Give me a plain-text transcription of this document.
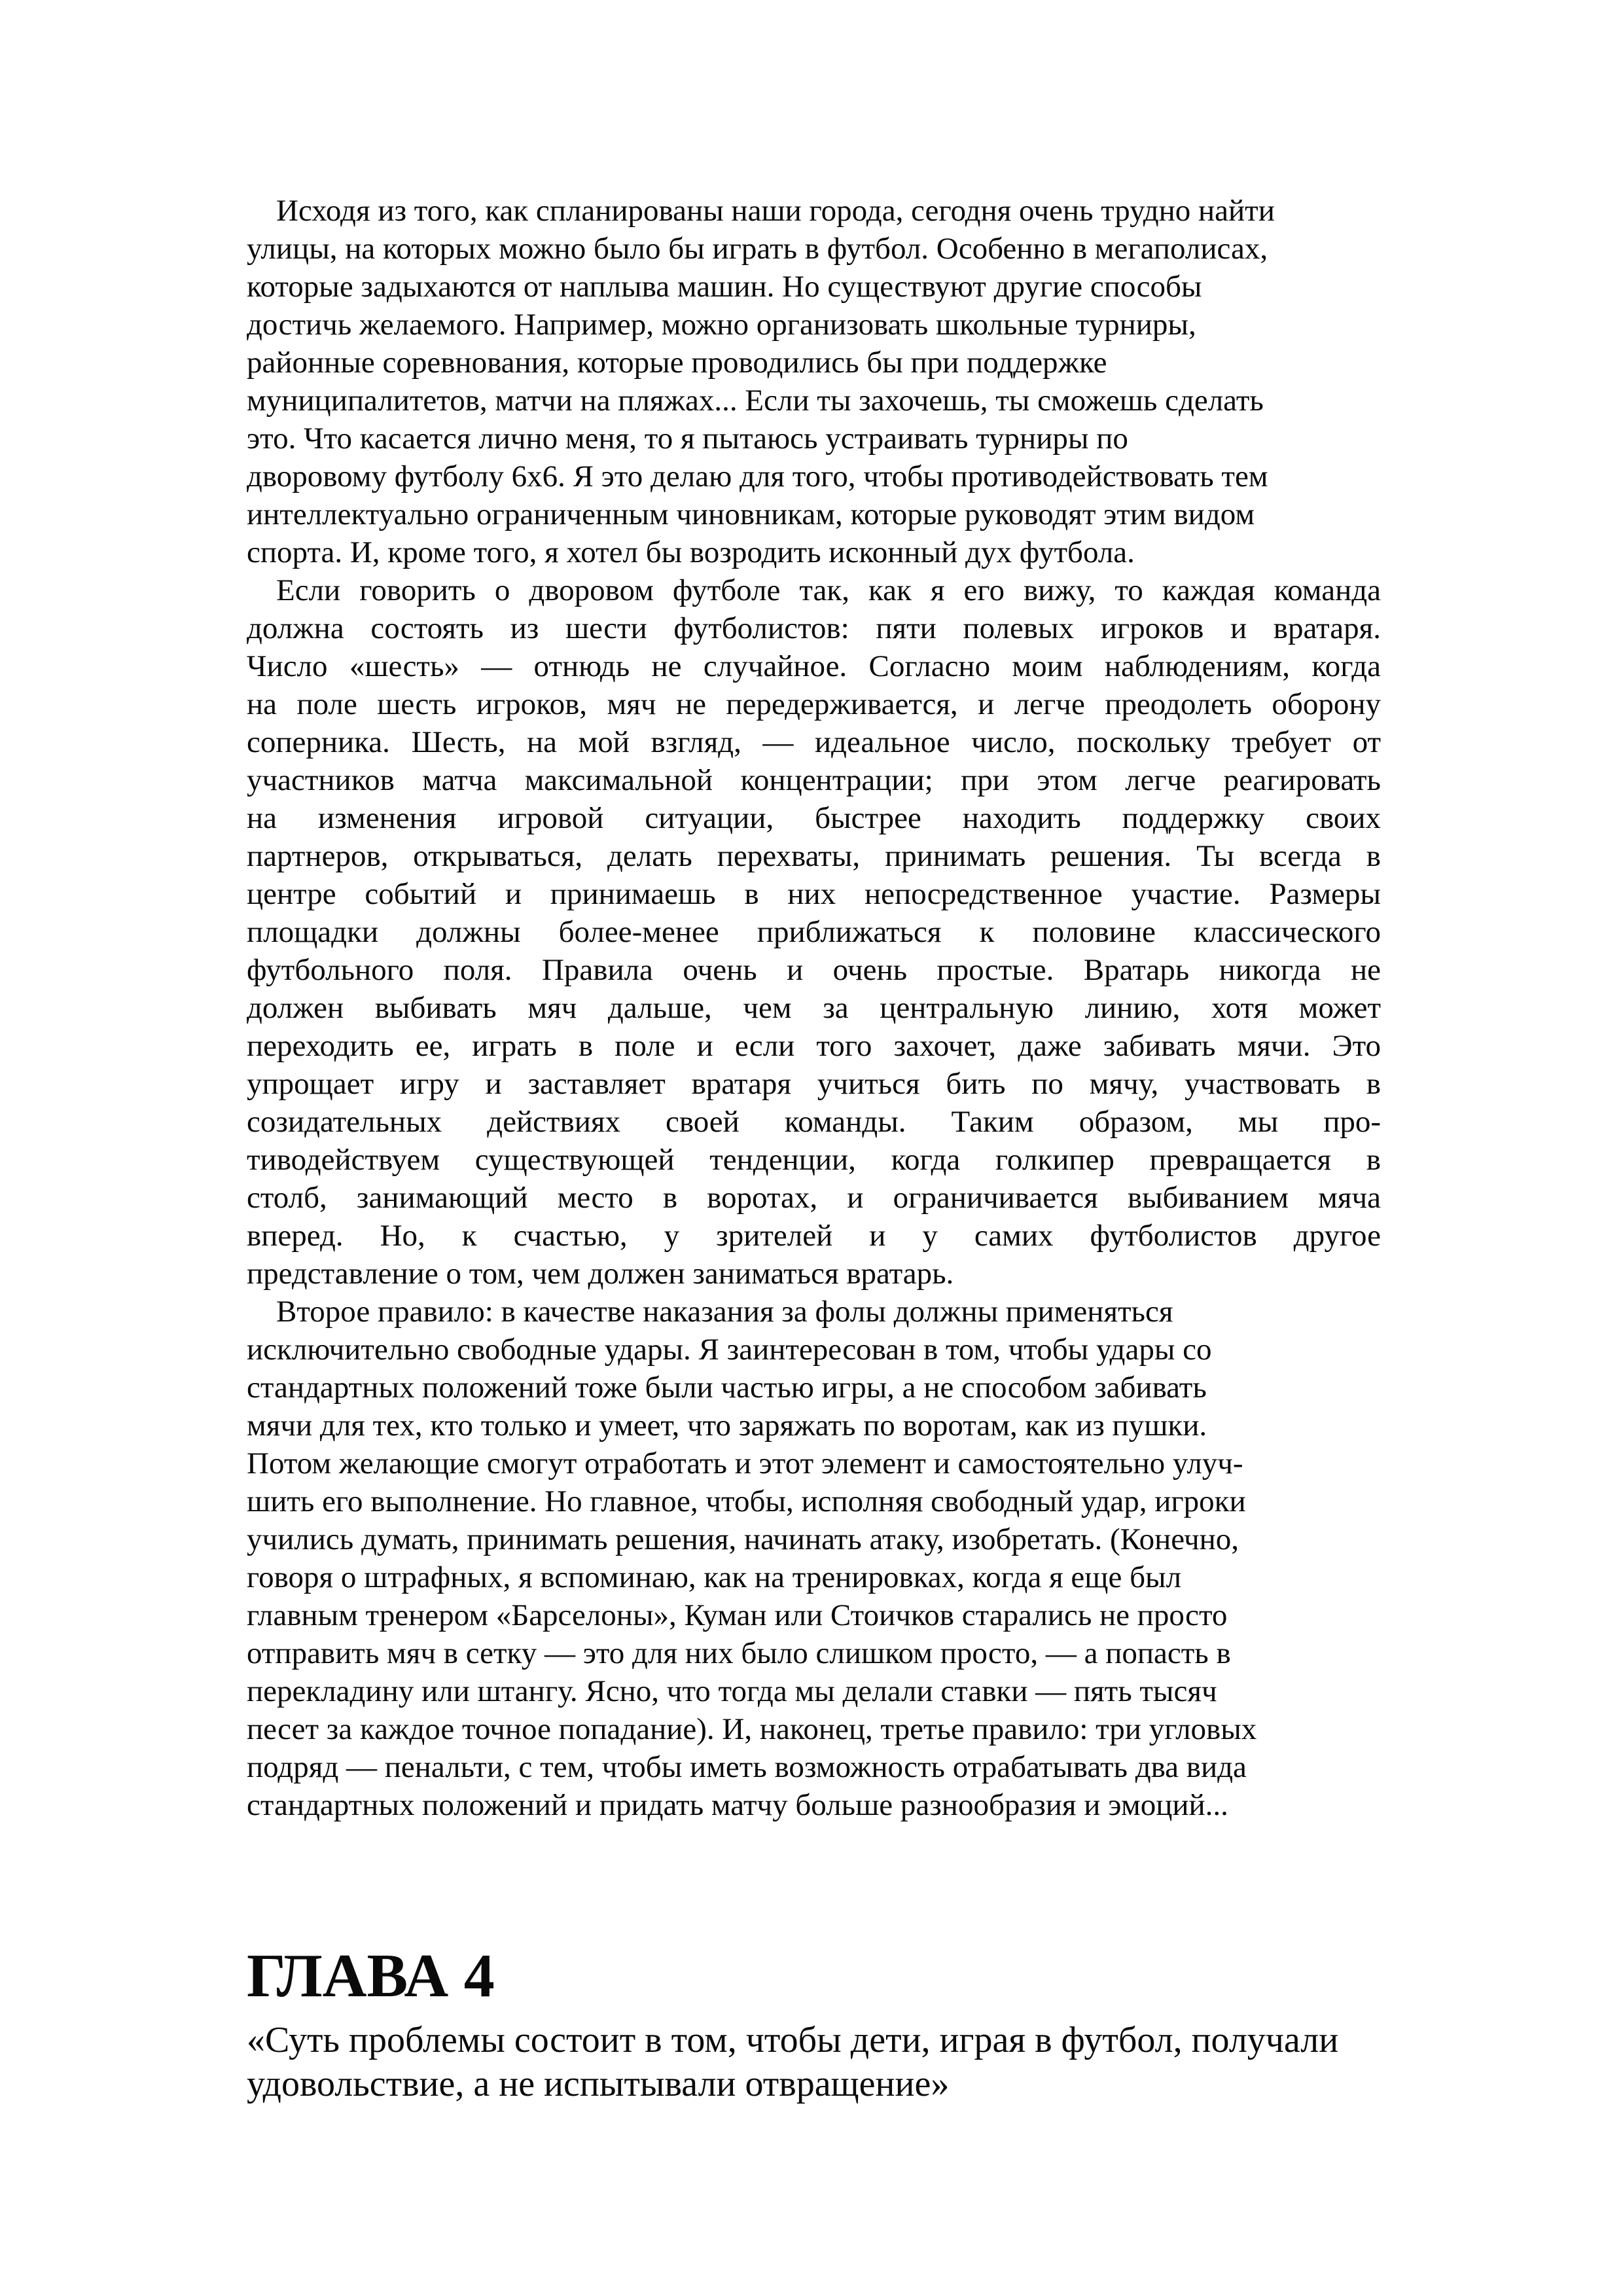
Исходя из того, как спланированы наши города, сегодня очень трудно найти
улицы, на которых можно было бы играть в футбол. Особенно в мегаполисах,
которые задыхаются от наплыва машин. Но существуют другие способы
достичь желаемого. Например, можно организовать школьные турниры,
районные соревнования, которые проводились бы при поддержке
муниципалитетов, матчи на пляжах... Если ты захочешь, ты сможешь сделать
это. Что касается лично меня, то я пытаюсь устраивать турниры по
дворовому футболу 6х6. Я это делаю для того, чтобы противодействовать тем
интеллектуально ограниченным чиновникам, которые руководят этим видом
спорта. И, кроме того, я хотел бы возродить исконный дух футбола.

Если говорить о дворовом футболе так, как я его вижу, то каждая команда
должна состоять из шести футболистов: пяти полевых игроков и вратаря.
Число «шесть» — отнюдь не случайное. Согласно моим наблюдениям, когда
на поле шесть игроков, мяч не передерживается, и легче преодолеть оборону
соперника. Шесть, на мой взгляд, — идеальное число, поскольку требует от
участников матча максимальной концентрации; при этом легче реагировать
на изменения игровой ситуации, быстрее находить поддержку своих
партнеров, открываться, делать перехваты, принимать решения. Ты всегда в
центре событий и принимаешь в них непосредственное участие. Размеры
площадки должны более-менее приближаться к половине классического
футбольного поля. Правила очень и очень простые. Вратарь никогда не
должен выбивать мяч дальше, чем за центральную линию, хотя может
переходить ее, играть в поле и если того захочет, даже забивать мячи. Это
упрощает игру и заставляет вратаря учиться бить по мячу, участвовать в
созидательных действиях своей команды. Таким образом, мы про-
тиводействуем существующей тенденции, когда голкипер превращается в
столб, занимающий место в воротах, и ограничивается выбиванием мяча
вперед. Но, к счастью, у зрителей и у самих футболистов другое
представление о том, чем должен заниматься вратарь.

Второе правило: в качестве наказания за фолы должны применяться
исключительно свободные удары. Я заинтересован в том, чтобы удары со
стандартных положений тоже были частью игры, а не способом забивать
мячи для тех, кто только и умеет, что заряжать по воротам, как из пушки.
Потом желающие смогут отработать и этот элемент и самостоятельно улуч-
шить его выполнение. Но главное, чтобы, исполняя свободный удар, игроки
учились думать, принимать решения, начинать атаку, изобретать. (Конечно,
говоря о штрафных, я вспоминаю, как на тренировках, когда я еще был
главным тренером «Барселоны», Куман или Стоичков старались не просто
отправить мяч в сетку — это для них было слишком просто, — а попасть в
перекладину или штангу. Ясно, что тогда мы делали ставки — пять тысяч
песет за каждое точное попадание). И, наконец, третье правило: три угловых
подряд — пенальти, с тем, чтобы иметь возможность отрабатывать два вида
стандартных положений и придать матчу больше разнообразия и эмоций...

ГЛАВА 4
«Суть проблемы состоит в том, чтобы дети, играя в футбол, получали
удовольствие, а не испытывали отвращение»
